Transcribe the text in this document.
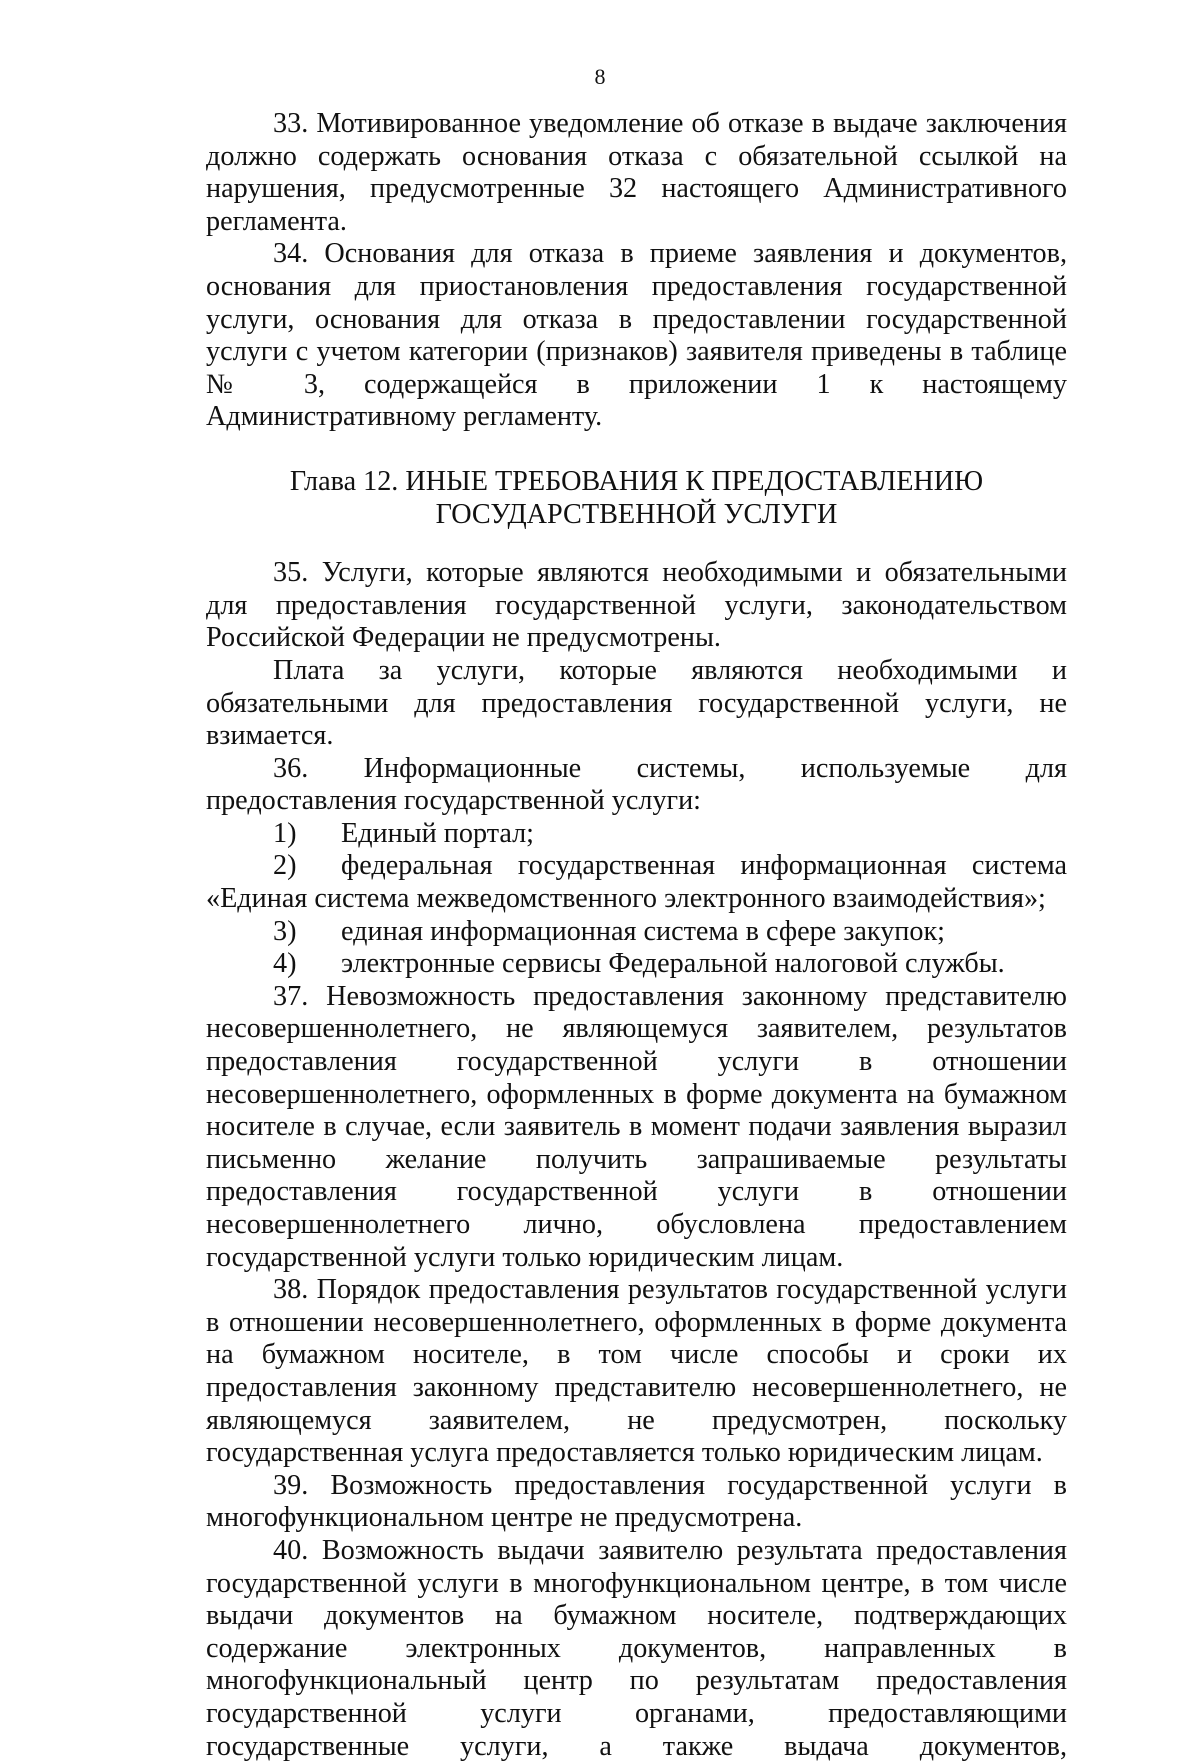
8

33. Мотивированное уведомление об отказе в выдаче заключения должно содержать основания отказа с обязательной ссылкой на нарушения, предусмотренные 32 настоящего Административного регламента.

34. Основания для отказа в приеме заявления и документов, основания для приостановления предоставления государственной услуги, основания для отказа в предоставлении государственной услуги с учетом категории (признаков) заявителя приведены в таблице № 3, содержащейся в приложении 1 к настоящему Административному регламенту.

Глава 12. ИНЫЕ ТРЕБОВАНИЯ К ПРЕДОСТАВЛЕНИЮ
ГОСУДАРСТВЕННОЙ УСЛУГИ

35. Услуги, которые являются необходимыми и обязательными для предоставления государственной услуги, законодательством Российской Федерации не предусмотрены.

Плата за услуги, которые являются необходимыми и обязательными для предоставления государственной услуги, не взимается.

36. Информационные системы, используемые для предоставления государственной услуги:

1) Единый портал;

2) федеральная государственная информационная система «Единая система межведомственного электронного взаимодействия»;

3) единая информационная система в сфере закупок;

4) электронные сервисы Федеральной налоговой службы.

37. Невозможность предоставления законному представителю несовершеннолетнего, не являющемуся заявителем, результатов предоставления государственной услуги в отношении несовершеннолетнего, оформленных в форме документа на бумажном носителе в случае, если заявитель в момент подачи заявления выразил письменно желание получить запрашиваемые результаты предоставления государственной услуги в отношении несовершеннолетнего лично, обусловлена предоставлением государственной услуги только юридическим лицам.

38. Порядок предоставления результатов государственной услуги в отношении несовершеннолетнего, оформленных в форме документа на бумажном носителе, в том числе способы и сроки их предоставления законному представителю несовершеннолетнего, не являющемуся заявителем, не предусмотрен, поскольку государственная услуга предоставляется только юридическим лицам.

39. Возможность предоставления государственной услуги в многофункциональном центре не предусмотрена.

40. Возможность выдачи заявителю результата предоставления государственной услуги в многофункциональном центре, в том числе выдачи документов на бумажном носителе, подтверждающих содержание электронных документов, направленных в многофункциональный центр по результатам предоставления государственной услуги органами, предоставляющими государственные услуги, а также выдача документов,
